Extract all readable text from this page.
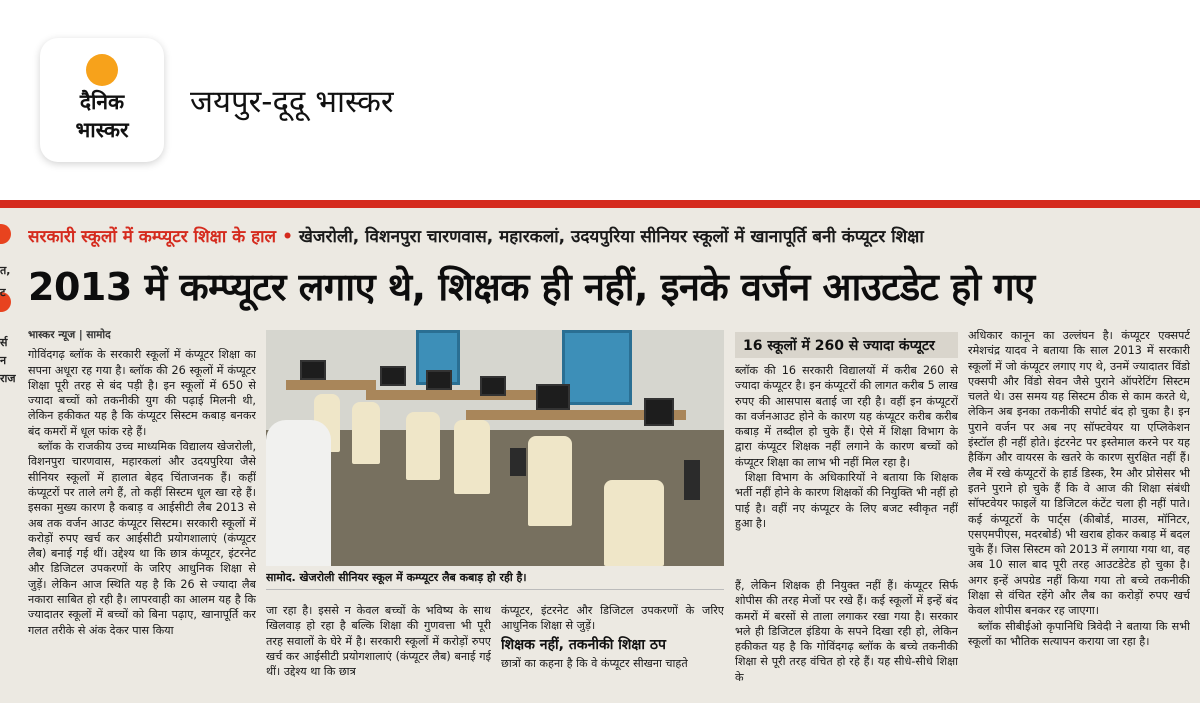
दैनिक
भास्कर
जयपुर-दूदू भास्कर
त,
ट
र्स
न
राज
सरकारी स्कूलों में कम्प्यूटर शिक्षा के हाल • खेजरोली, विशनपुरा चारणवास, महारकलां, उदयपुरिया सीनियर स्कूलों में खानापूर्ति बनी कंप्यूटर शिक्षा
2013 में कम्प्यूटर लगाए थे, शिक्षक ही नहीं, इनके वर्जन आउटडेट हो गए

भास्कर न्यूज | सामोद

गोविंदगढ़ ब्लॉक के सरकारी स्कूलों में कंप्यूटर शिक्षा का सपना अधूरा रह गया है। ब्लॉक की 26 स्कूलों में कंप्यूटर शिक्षा पूरी तरह से बंद पड़ी है। इन स्कूलों में 650 से ज्यादा बच्चों को तकनीकी युग की पढ़ाई मिलनी थी, लेकिन हकीकत यह है कि कंप्यूटर सिस्टम कबाड़ बनकर बंद कमरों में धूल फांक रहे हैं।

ब्लॉक के राजकीय उच्च माध्यमिक विद्यालय खेजरोली, विशनपुरा चारणवास, महारकलां और उदयपुरिया जैसे सीनियर स्कूलों में हालात बेहद चिंताजनक हैं। कहीं कंप्यूटरों पर ताले लगे हैं, तो कहीं सिस्टम धूल खा रहे हैं। इसका मुख्य कारण है कबाड़ व आईसीटी लैब 2013 से अब तक वर्जन आउट कंप्यूटर सिस्टम। सरकारी स्कूलों में करोड़ों रुपए खर्च कर आईसीटी प्रयोगशालाएं (कंप्यूटर लैब) बनाई गई थीं। उद्देश्य था कि छात्र कंप्यूटर, इंटरनेट और डिजिटल उपकरणों के जरिए आधुनिक शिक्षा से जुड़ें। लेकिन आज स्थिति यह है कि 26 से ज्यादा लैब नकारा साबित हो रही है। लापरवाही का आलम यह है कि ज्यादातर स्कूलों में बच्चों को बिना पढ़ाए, खानापूर्ति कर गलत तरीके से अंक देकर पास किया

सामोद. खेजरोली सीनियर स्कूल में कम्प्यूटर लैब कबाड़ हो रही है।

जा रहा है। इससे न केवल बच्चों के भविष्य के साथ खिलवाड़ हो रहा है बल्कि शिक्षा की गुणवत्ता भी पूरी तरह सवालों के घेरे में है। सरकारी स्कूलों में करोड़ों रुपए खर्च कर आईसीटी प्रयोगशालाएं (कंप्यूटर लैब) बनाई गई थीं। उद्देश्य था कि छात्र

कंप्यूटर, इंटरनेट और डिजिटल उपकरणों के जरिए आधुनिक शिक्षा से जुड़ें।

शिक्षक नहीं, तकनीकी शिक्षा ठप

छात्रों का कहना है कि वे कंप्यूटर सीखना चाहते

16 स्कूलों में 260 से ज्यादा कंप्यूटर

ब्लॉक की 16 सरकारी विद्यालयों में करीब 260 से ज्यादा कंप्यूटर है। इन कंप्यूटरों की लागत करीब 5 लाख रुपए की आसपास बताई जा रही है। वहीं इन कंप्यूटरों का वर्जनआउट होने के कारण यह कंप्यूटर करीब करीब कबाड़ में तब्दील हो चुके हैं। ऐसे में शिक्षा विभाग के द्वारा कंप्यूटर शिक्षक नहीं लगाने के कारण बच्चों को कंप्यूटर शिक्षा का लाभ भी नहीं मिल रहा है।

शिक्षा विभाग के अधिकारियों ने बताया कि शिक्षक भर्ती नहीं होने के कारण शिक्षकों की नियुक्ति भी नहीं हो पाई है। वहीं नए कंप्यूटर के लिए बजट स्वीकृत नहीं हुआ है।

हैं, लेकिन शिक्षक ही नियुक्त नहीं हैं। कंप्यूटर सिर्फ शोपीस की तरह मेजों पर रखे हैं। कई स्कूलों में इन्हें बंद कमरों में बरसों से ताला लगाकर रखा गया है। सरकार भले ही डिजिटल इंडिया के सपने दिखा रही हो, लेकिन हकीकत यह है कि गोविंदगढ़ ब्लॉक के बच्चे तकनीकी शिक्षा से पूरी तरह वंचित हो रहे हैं। यह सीधे-सीधे शिक्षा के

अधिकार कानून का उल्लंघन है। कंप्यूटर एक्सपर्ट रमेशचंद्र यादव ने बताया कि साल 2013 में सरकारी स्कूलों में जो कंप्यूटर लगाए गए थे, उनमें ज्यादातर विंडो एक्सपी और विंडो सेवन जैसे पुराने ऑपरेटिंग सिस्टम चलते थे। उस समय यह सिस्टम ठीक से काम करते थे, लेकिन अब इनका तकनीकी सपोर्ट बंद हो चुका है। इन पुराने वर्जन पर अब नए सॉफ्टवेयर या एप्लिकेशन इंस्टॉल ही नहीं होते। इंटरनेट पर इस्तेमाल करने पर यह हैकिंग और वायरस के खतरे के कारण सुरक्षित नहीं हैं। लैब में रखे कंप्यूटरों के हार्ड डिस्क, रैम और प्रोसेसर भी इतने पुराने हो चुके हैं कि वे आज की शिक्षा संबंधी सॉफ्टवेयर फाइलें या डिजिटल कंटेंट चला ही नहीं पाते। कई कंप्यूटरों के पार्ट्स (कीबोर्ड, माउस, मॉनिटर, एसएमपीएस, मदरबोर्ड) भी खराब होकर कबाड़ में बदल चुके हैं। जिस सिस्टम को 2013 में लगाया गया था, वह अब 10 साल बाद पूरी तरह आउटडेटेड हो चुका है। अगर इन्हें अपग्रेड नहीं किया गया तो बच्चे तकनीकी शिक्षा से वंचित रहेंगे और लैब का करोड़ों रुपए खर्च केवल शोपीस बनकर रह जाएगा।

ब्लॉक सीबीईओ कृपानिधि त्रिवेदी ने बताया कि सभी स्कूलों का भौतिक सत्यापन कराया जा रहा है।
